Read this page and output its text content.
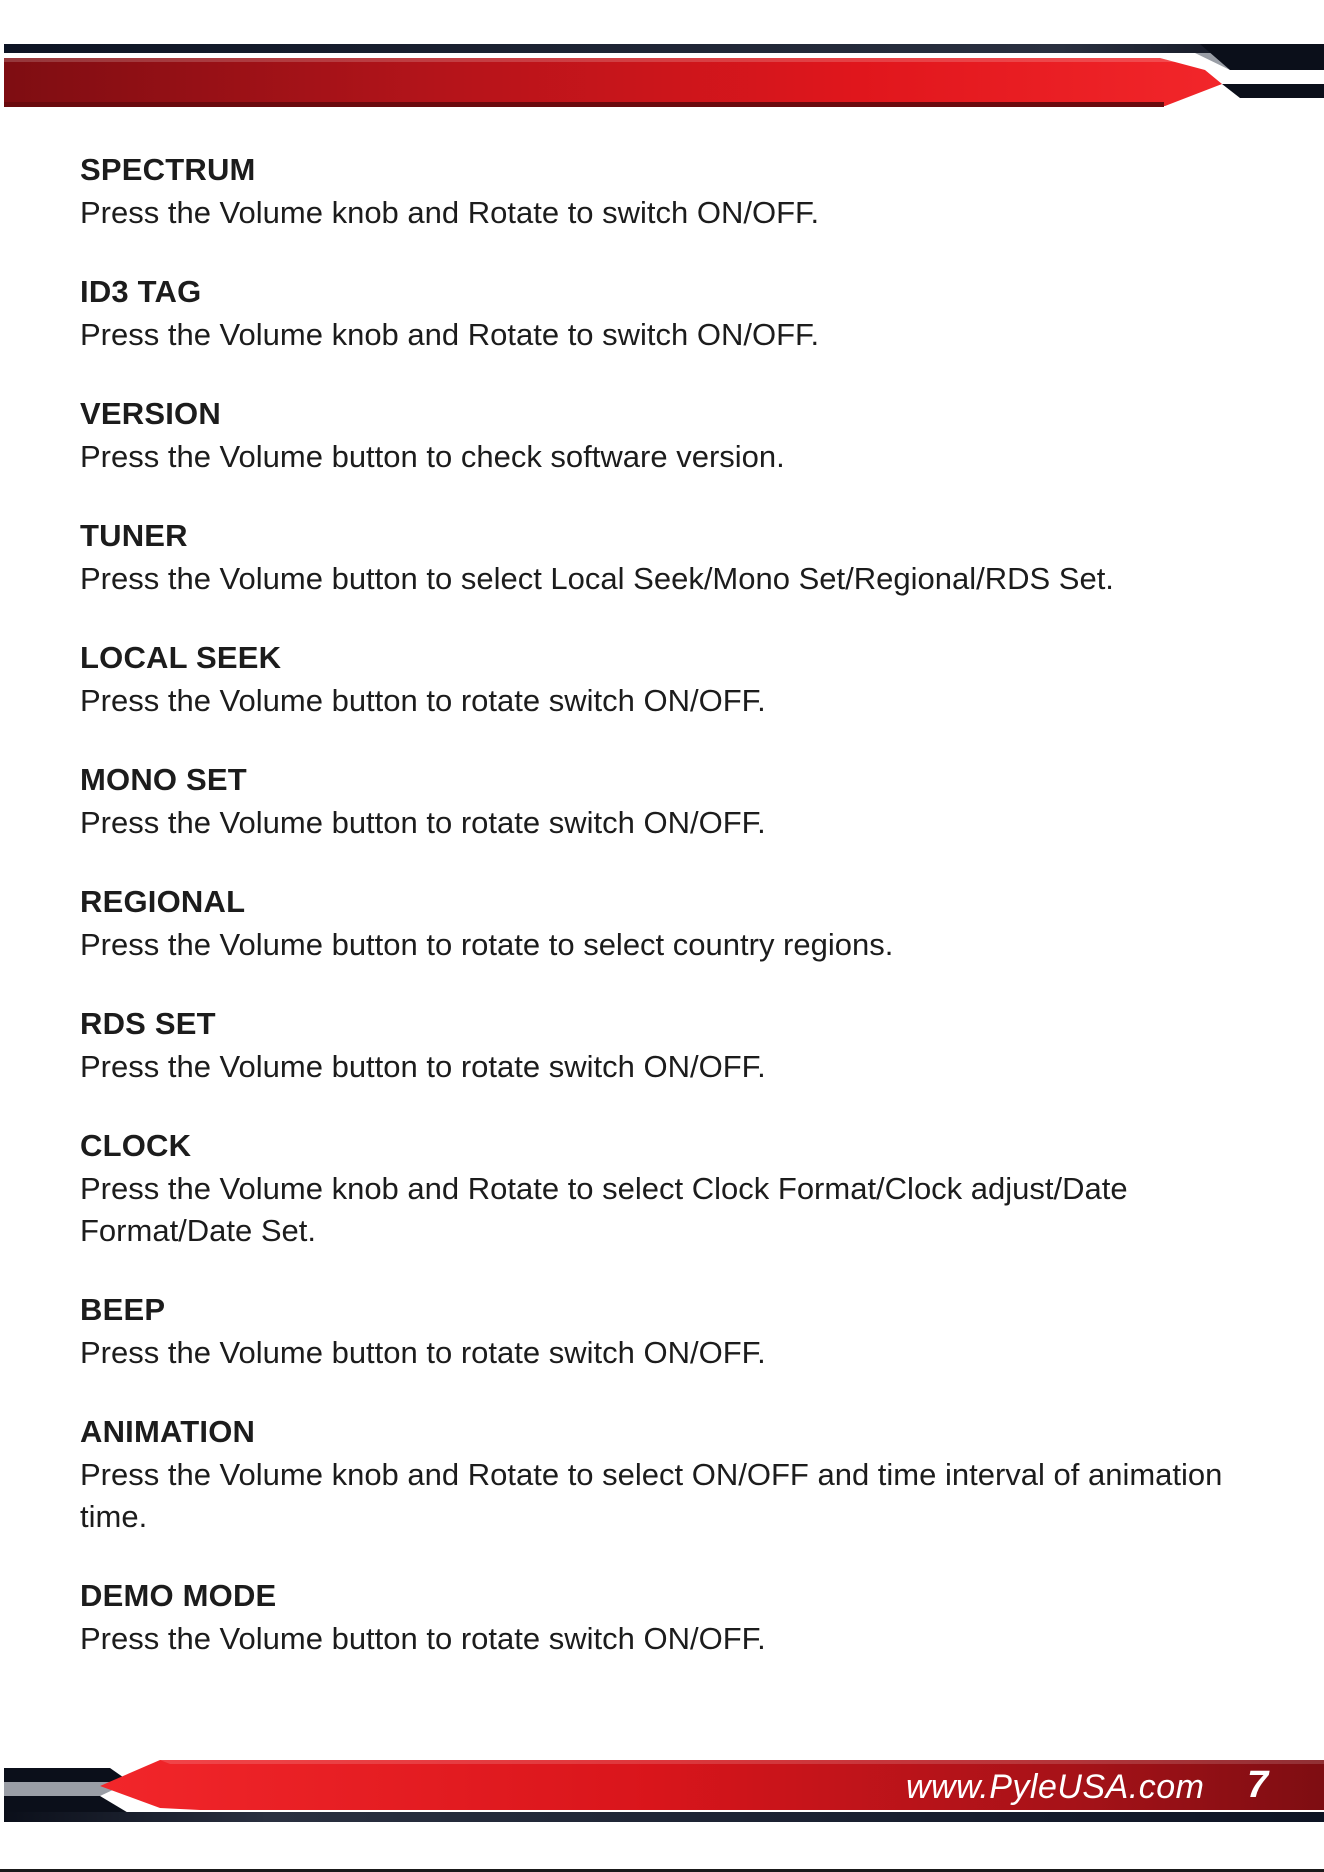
SPECTRUM

Press the Volume knob and Rotate to switch ON/OFF.

ID3 TAG

Press the Volume knob and Rotate to switch ON/OFF.

VERSION

Press the Volume button to check software version.

TUNER

Press the Volume button to select Local Seek/Mono Set/Regional/RDS Set.

LOCAL SEEK

Press the Volume button to rotate switch ON/OFF.

MONO SET

Press the Volume button to rotate switch ON/OFF.

REGIONAL

Press the Volume button to rotate to select country regions.

RDS SET

Press the Volume button to rotate switch ON/OFF.

CLOCK

Press the Volume knob and Rotate to select Clock Format/Clock adjust/Date Format/Date Set.

BEEP

Press the Volume button to rotate switch ON/OFF.

ANIMATION

Press the Volume knob and Rotate to select ON/OFF and time interval of animation time.

DEMO MODE

Press the Volume button to rotate switch ON/OFF.

www.PyleUSA.com 7
